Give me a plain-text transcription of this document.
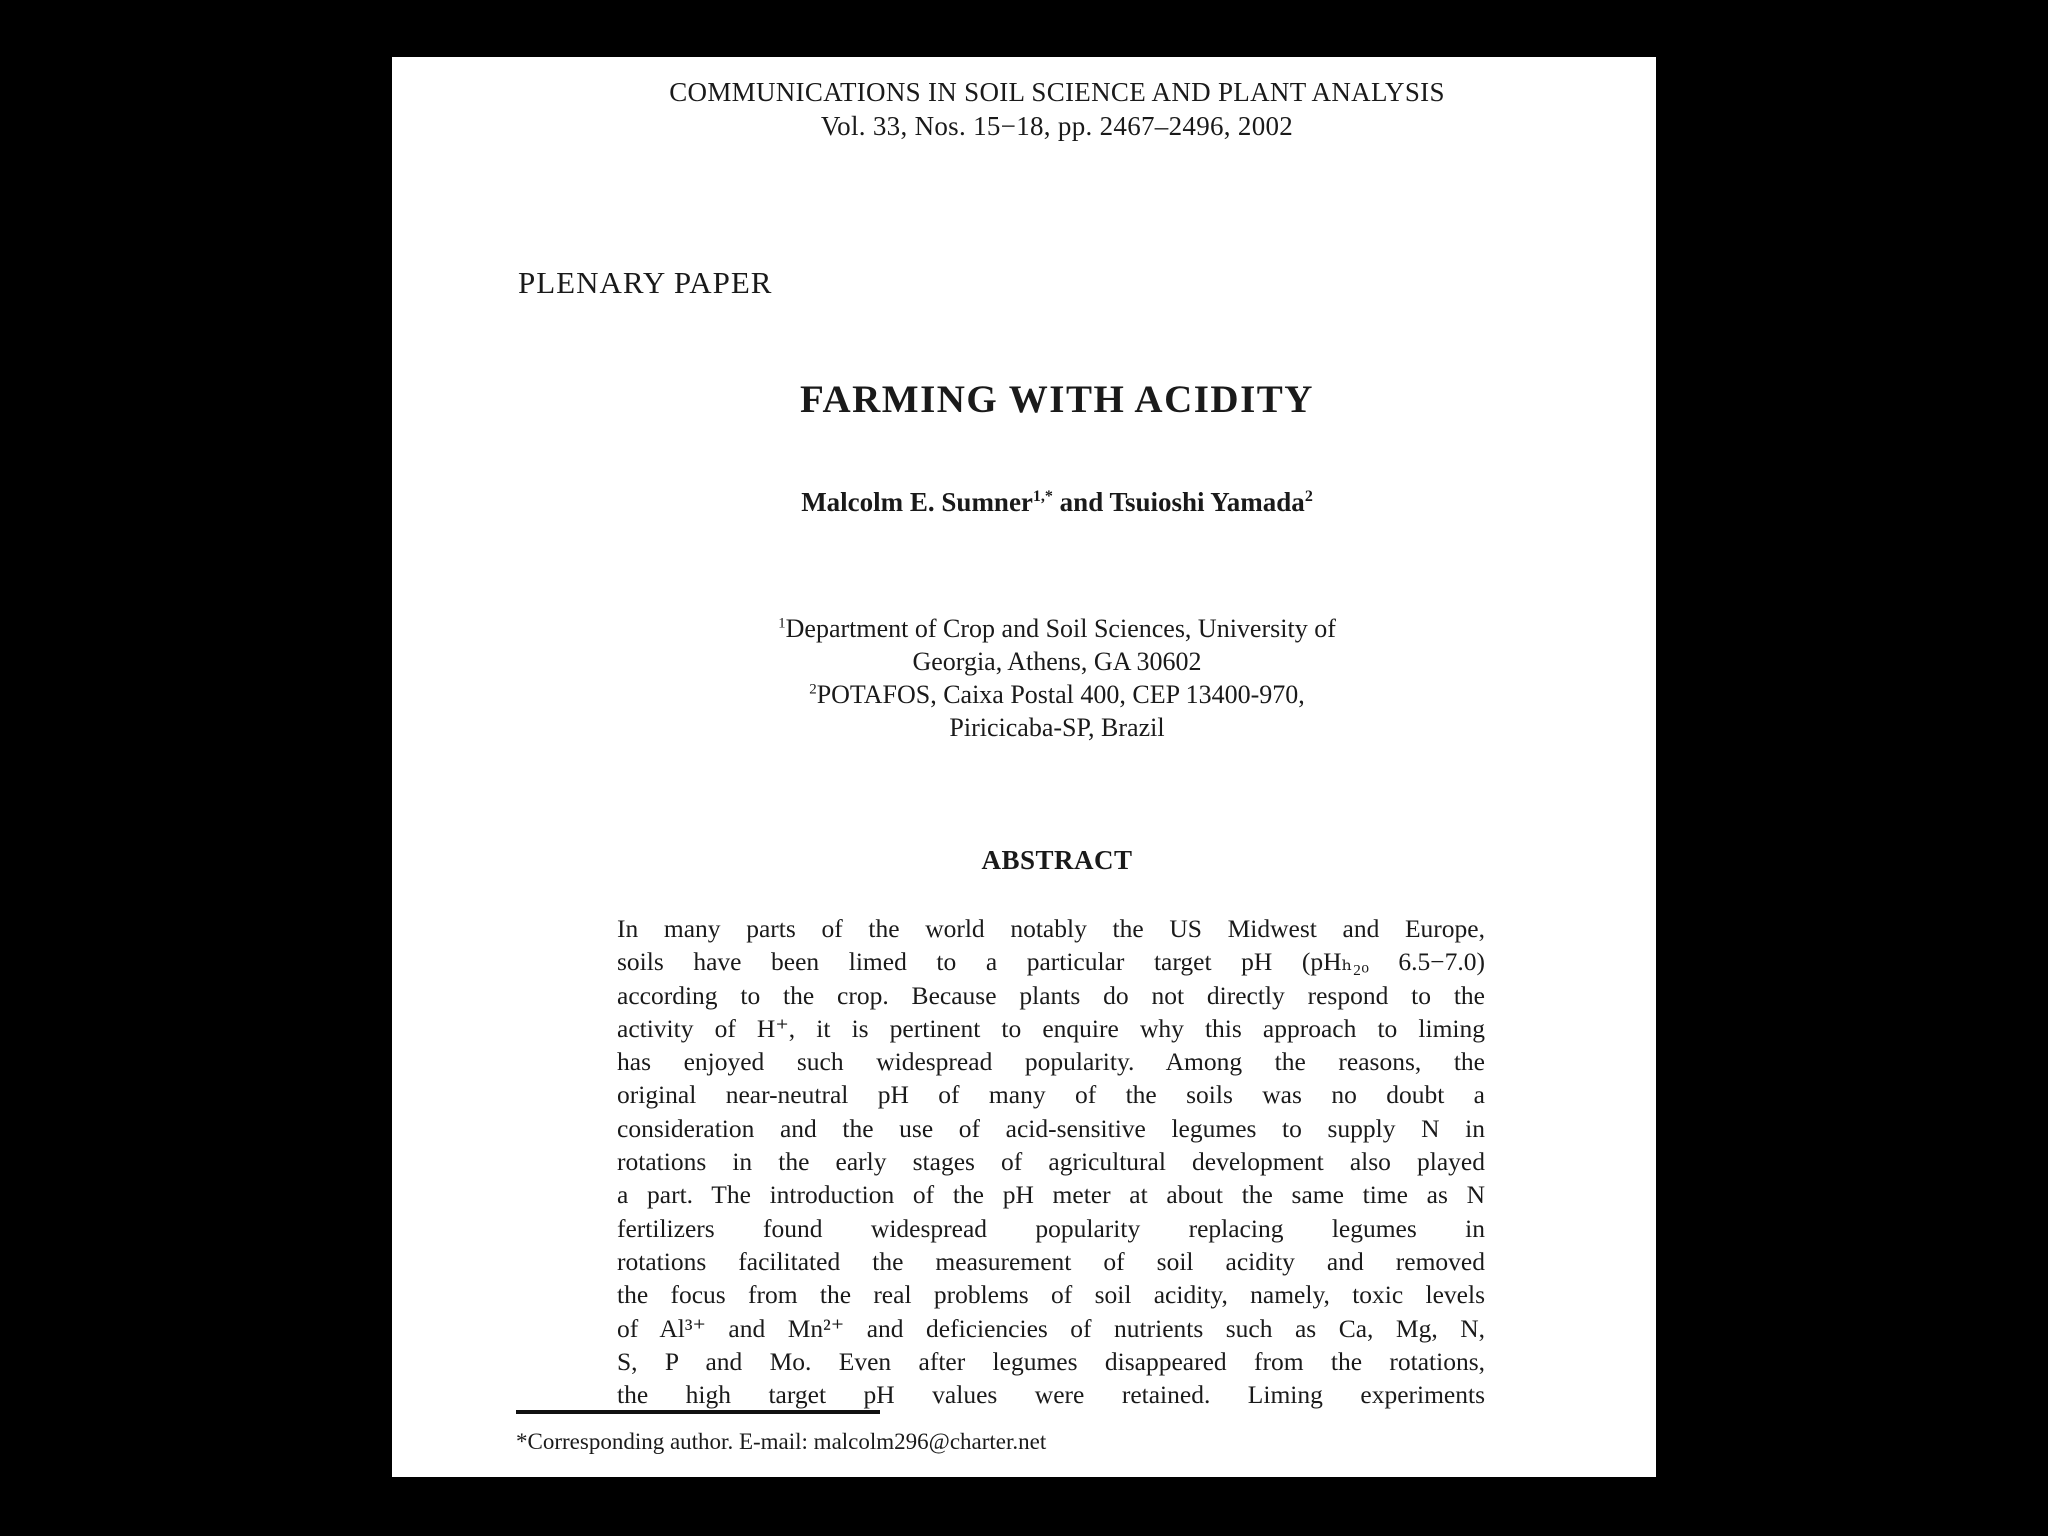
COMMUNICATIONS IN SOIL SCIENCE AND PLANT ANALYSIS
Vol. 33, Nos. 15−18, pp. 2467–2496, 2002
PLENARY PAPER
FARMING WITH ACIDITY
Malcolm E. Sumner$^{1,*}$ and Tsuioshi Yamada$^2$
$^1$Department of Crop and Soil Sciences, University of
Georgia, Athens, GA 30602
$^2$POTAFOS, Caixa Postal 400, CEP 13400-970,
Piricicaba-SP, Brazil
ABSTRACT
In many parts of the world notably the US Midwest and Europe,
soils have been limed to a particular target pH (pHₕ₂ₒ 6.5−7.0)
according to the crop. Because plants do not directly respond to the
activity of H⁺, it is pertinent to enquire why this approach to liming
has enjoyed such widespread popularity. Among the reasons, the
original near-neutral pH of many of the soils was no doubt a
consideration and the use of acid-sensitive legumes to supply N in
rotations in the early stages of agricultural development also played
a part. The introduction of the pH meter at about the same time as N
fertilizers found widespread popularity replacing legumes in
rotations facilitated the measurement of soil acidity and removed
the focus from the real problems of soil acidity, namely, toxic levels
of Al³⁺ and Mn²⁺ and deficiencies of nutrients such as Ca, Mg, N,
S, P and Mo. Even after legumes disappeared from the rotations,
the high target pH values were retained. Liming experiments
*Corresponding author. E-mail: malcolm296@charter.net
